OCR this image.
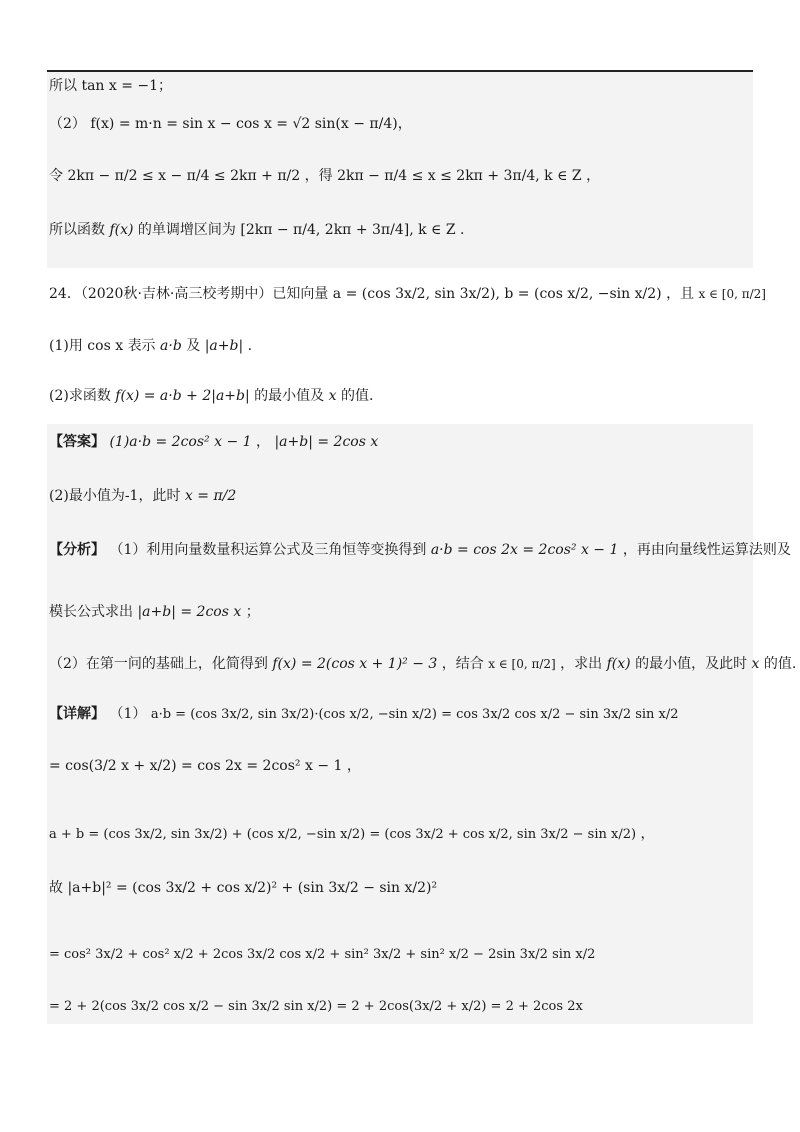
所以 tan x = −1；
（2） f(x) = m·n = sin x − cos x = √2 sin(x − π/4)，
令 2kπ − π/2 ≤ x − π/4 ≤ 2kπ + π/2 ，得 2kπ − π/4 ≤ x ≤ 2kπ + 3π/4, k ∈ Z ，
所以函数 f(x) 的单调增区间为 [2kπ − π/4, 2kπ + 3π/4], k ∈ Z .
24．（2020秋·吉林·高三校考期中）已知向量 a = (cos 3x/2, sin 3x/2), b = (cos x/2, −sin x/2) ，且 x ∈ [0, π/2]
(1)用 cos x 表示 a·b 及 |a+b| .
(2)求函数 f(x) = a·b + 2|a+b| 的最小值及 x 的值.
【答案】 (1)a·b = 2cos² x − 1 ， |a+b| = 2cos x
(2)最小值为-1，此时 x = π/2
【分析】 （1）利用向量数量积运算公式及三角恒等变换得到 a·b = cos 2x = 2cos² x − 1 ，再由向量线性运算法则及
模长公式求出 |a+b| = 2cos x ；
（2）在第一问的基础上，化简得到 f(x) = 2(cos x + 1)² − 3 ，结合 x ∈ [0, π/2] ，求出 f(x) 的最小值，及此时 x 的值.
【详解】 （1） a·b = (cos 3x/2, sin 3x/2)·(cos x/2, −sin x/2) = cos 3x/2 cos x/2 − sin 3x/2 sin x/2
= cos(3/2 x + x/2) = cos 2x = 2cos² x − 1 ，
a + b = (cos 3x/2, sin 3x/2) + (cos x/2, −sin x/2) = (cos 3x/2 + cos x/2, sin 3x/2 − sin x/2) ，
故 |a+b|² = (cos 3x/2 + cos x/2)² + (sin 3x/2 − sin x/2)²
= cos² 3x/2 + cos² x/2 + 2cos 3x/2 cos x/2 + sin² 3x/2 + sin² x/2 − 2sin 3x/2 sin x/2
= 2 + 2(cos 3x/2 cos x/2 − sin 3x/2 sin x/2) = 2 + 2cos(3x/2 + x/2) = 2 + 2cos 2x
